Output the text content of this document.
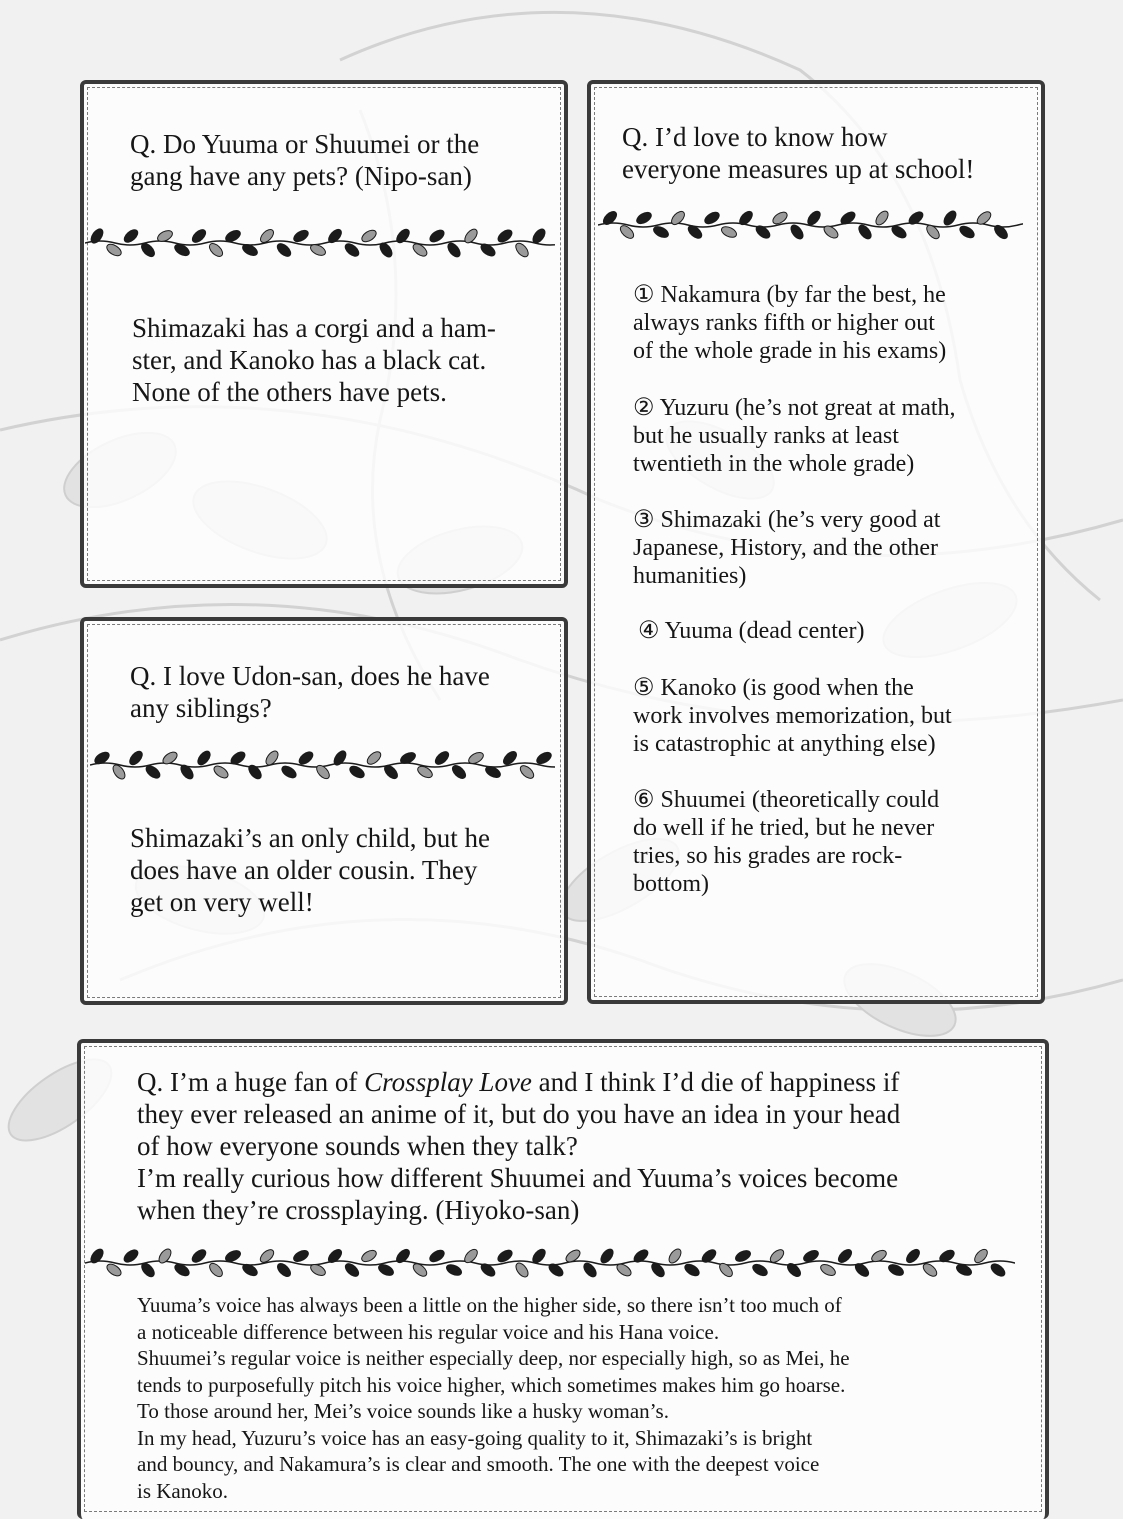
Q. Do Yuuma or Shuumei or the
gang have any pets? (Nipo-san)

Shimazaki has a corgi and a ham-
ster, and Kanoko has a black cat.
None of the others have pets.

Q. I’d love to know how
everyone measures up at school!

① Nakamura (by far the best, he
always ranks fifth or higher out
of the whole grade in his exams)

② Yuzuru (he’s not great at math,
but he usually ranks at least
twentieth in the whole grade)

③ Shimazaki (he’s very good at
Japanese, History, and the other
humanities)

④ Yuuma (dead center)

⑤ Kanoko (is good when the
work involves memorization, but
is catastrophic at anything else)

⑥ Shuumei (theoretically could
do well if he tried, but he never
tries, so his grades are rock-
bottom)

Q. I love Udon-san, does he have
any siblings?

Shimazaki’s an only child, but he
does have an older cousin. They
get on very well!

Q. I’m a huge fan of Crossplay Love and I think I’d die of happiness if
they ever released an anime of it, but do you have an idea in your head
of how everyone sounds when they talk?
I’m really curious how different Shuumei and Yuuma’s voices become
when they’re crossplaying. (Hiyoko-san)

Yuuma’s voice has always been a little on the higher side, so there isn’t too much of
a noticeable difference between his regular voice and his Hana voice.
Shuumei’s regular voice is neither especially deep, nor especially high, so as Mei, he
tends to purposefully pitch his voice higher, which sometimes makes him go hoarse.
To those around her, Mei’s voice sounds like a husky woman’s.
In my head, Yuzuru’s voice has an easy-going quality to it, Shimazaki’s is bright
and bouncy, and Nakamura’s is clear and smooth. The one with the deepest voice
is Kanoko.
